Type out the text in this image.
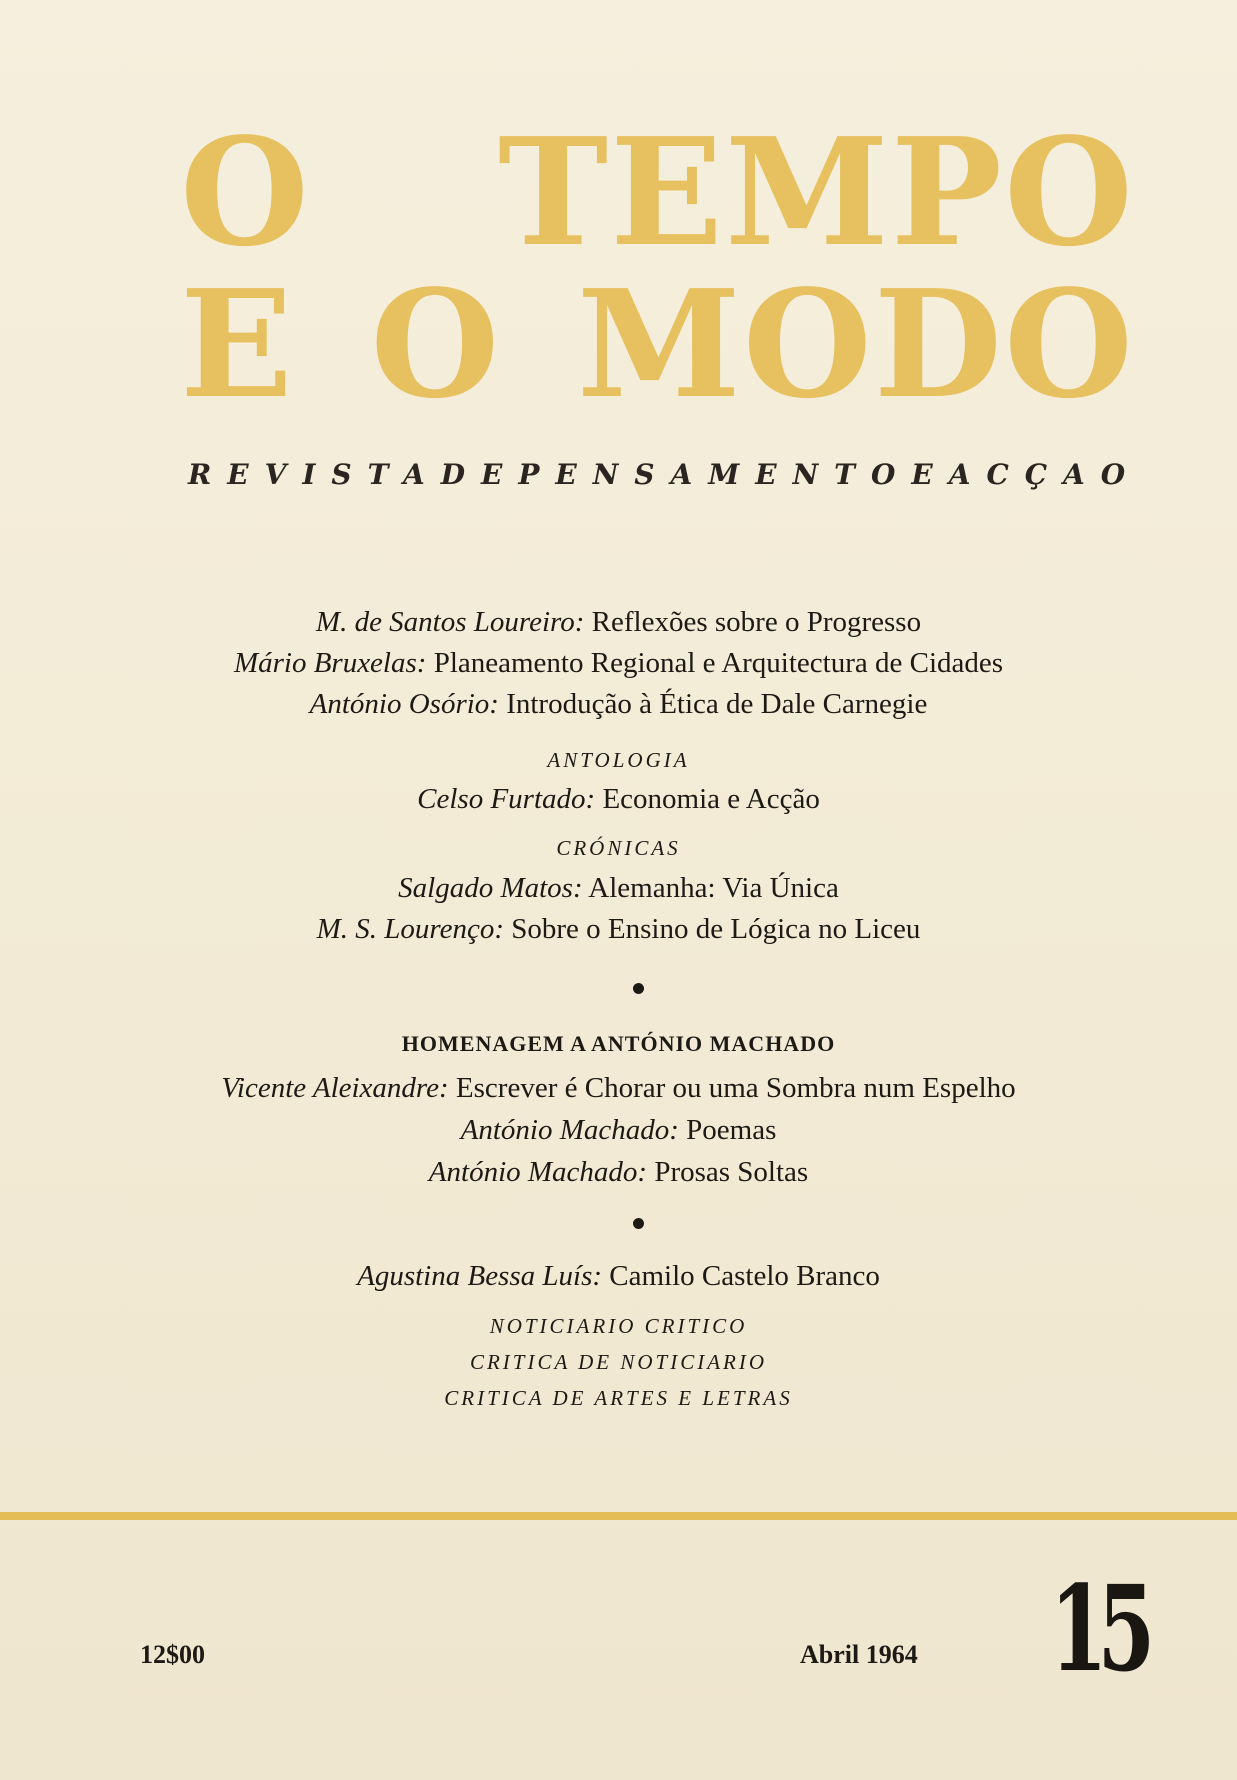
O TEMPO
E O MODO
REVISTA DE PENSAMENTO E ACÇAO
M. de Santos Loureiro: Reflexões sobre o Progresso
Mário Bruxelas: Planeamento Regional e Arquitectura de Cidades
António Osório: Introdução à Ética de Dale Carnegie
ANTOLOGIA
Celso Furtado: Economia e Acção
CRÓNICAS
Salgado Matos: Alemanha: Via Única
M. S. Lourenço: Sobre o Ensino de Lógica no Liceu
HOMENAGEM A ANTÓNIO MACHADO
Vicente Aleixandre: Escrever é Chorar ou uma Sombra num Espelho
António Machado: Poemas
António Machado: Prosas Soltas
Agustina Bessa Luís: Camilo Castelo Branco
NOTICIARIO CRITICO
CRITICA DE NOTICIARIO
CRITICA DE ARTES E LETRAS
12$00	Abril 1964 15
